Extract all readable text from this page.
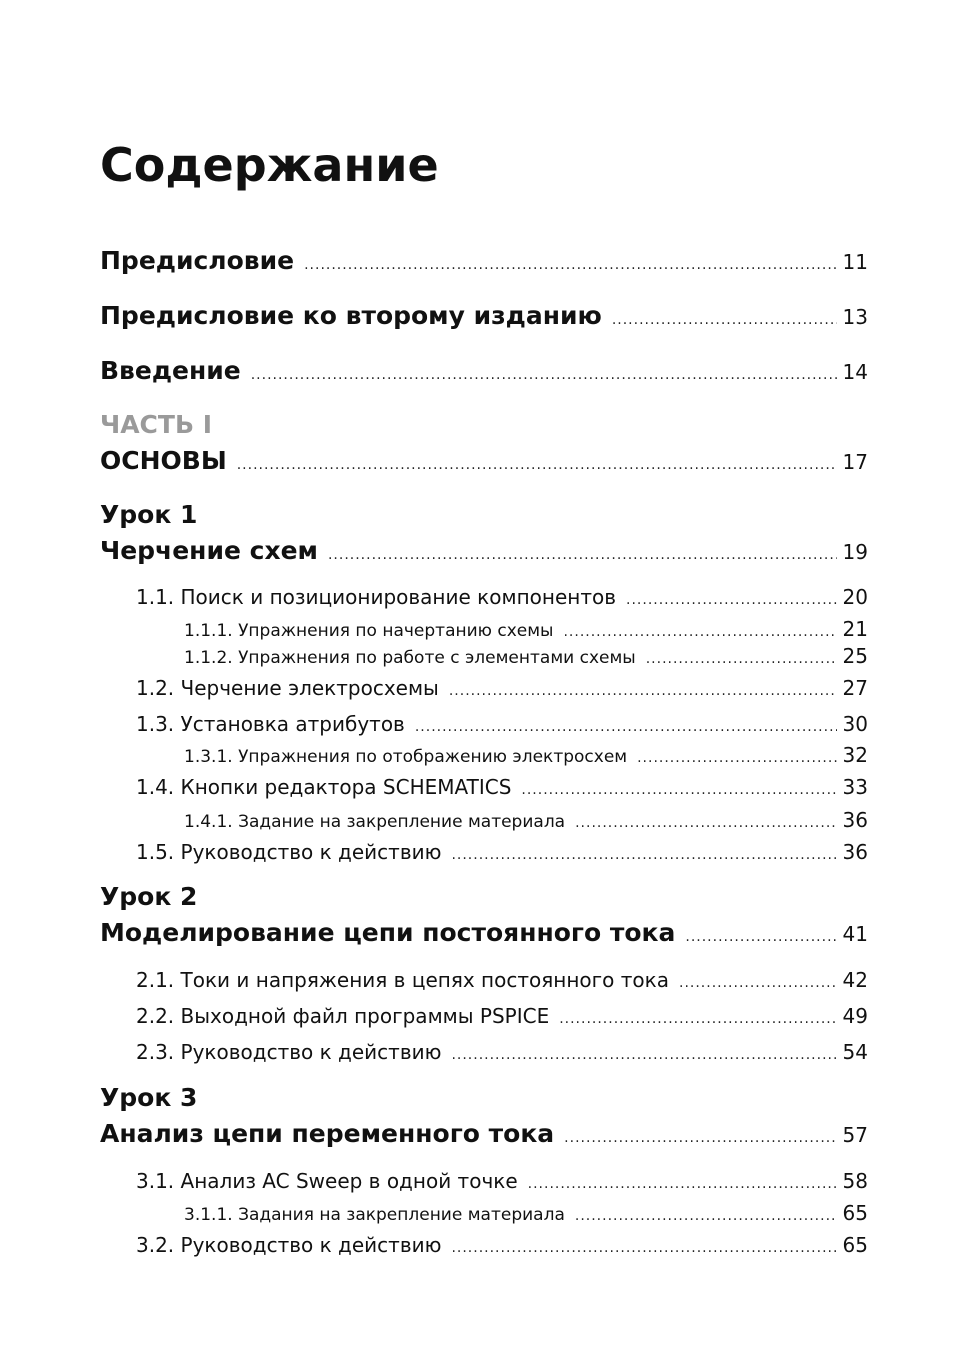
Содержание
Предисловие .....	11
Предисловие ко второму изданию .....	13
Введение .....	14
ЧАСТЬ I
ОСНОВЫ .....	17
Урок 1
Черчение схем .....	19
1.1. Поиск и позиционирование компонентов .....	20
1.1.1. Упражнения по начертанию схемы .....	21
1.1.2. Упражнения по работе с элементами схемы .....	25
1.2. Черчение электросхемы .....	27
1.3. Установка атрибутов .....	30
1.3.1. Упражнения по отображению электросхем .....	32
1.4. Кнопки редактора SCHEMATICS .....	33
1.4.1. Задание на закрепление материала .....	36
1.5. Руководство к действию .....	36
Урок 2
Моделирование цепи постоянного тока .....	41
2.1. Токи и напряжения в цепях постоянного тока .....	42
2.2. Выходной файл программы PSPICE .....	49
2.3. Руководство к действию .....	54
Урок 3
Анализ цепи переменного тока .....	57
3.1. Анализ AC Sweep в одной точке .....	58
3.1.1. Задания на закрепление материала .....	65
3.2. Руководство к действию .....	65
